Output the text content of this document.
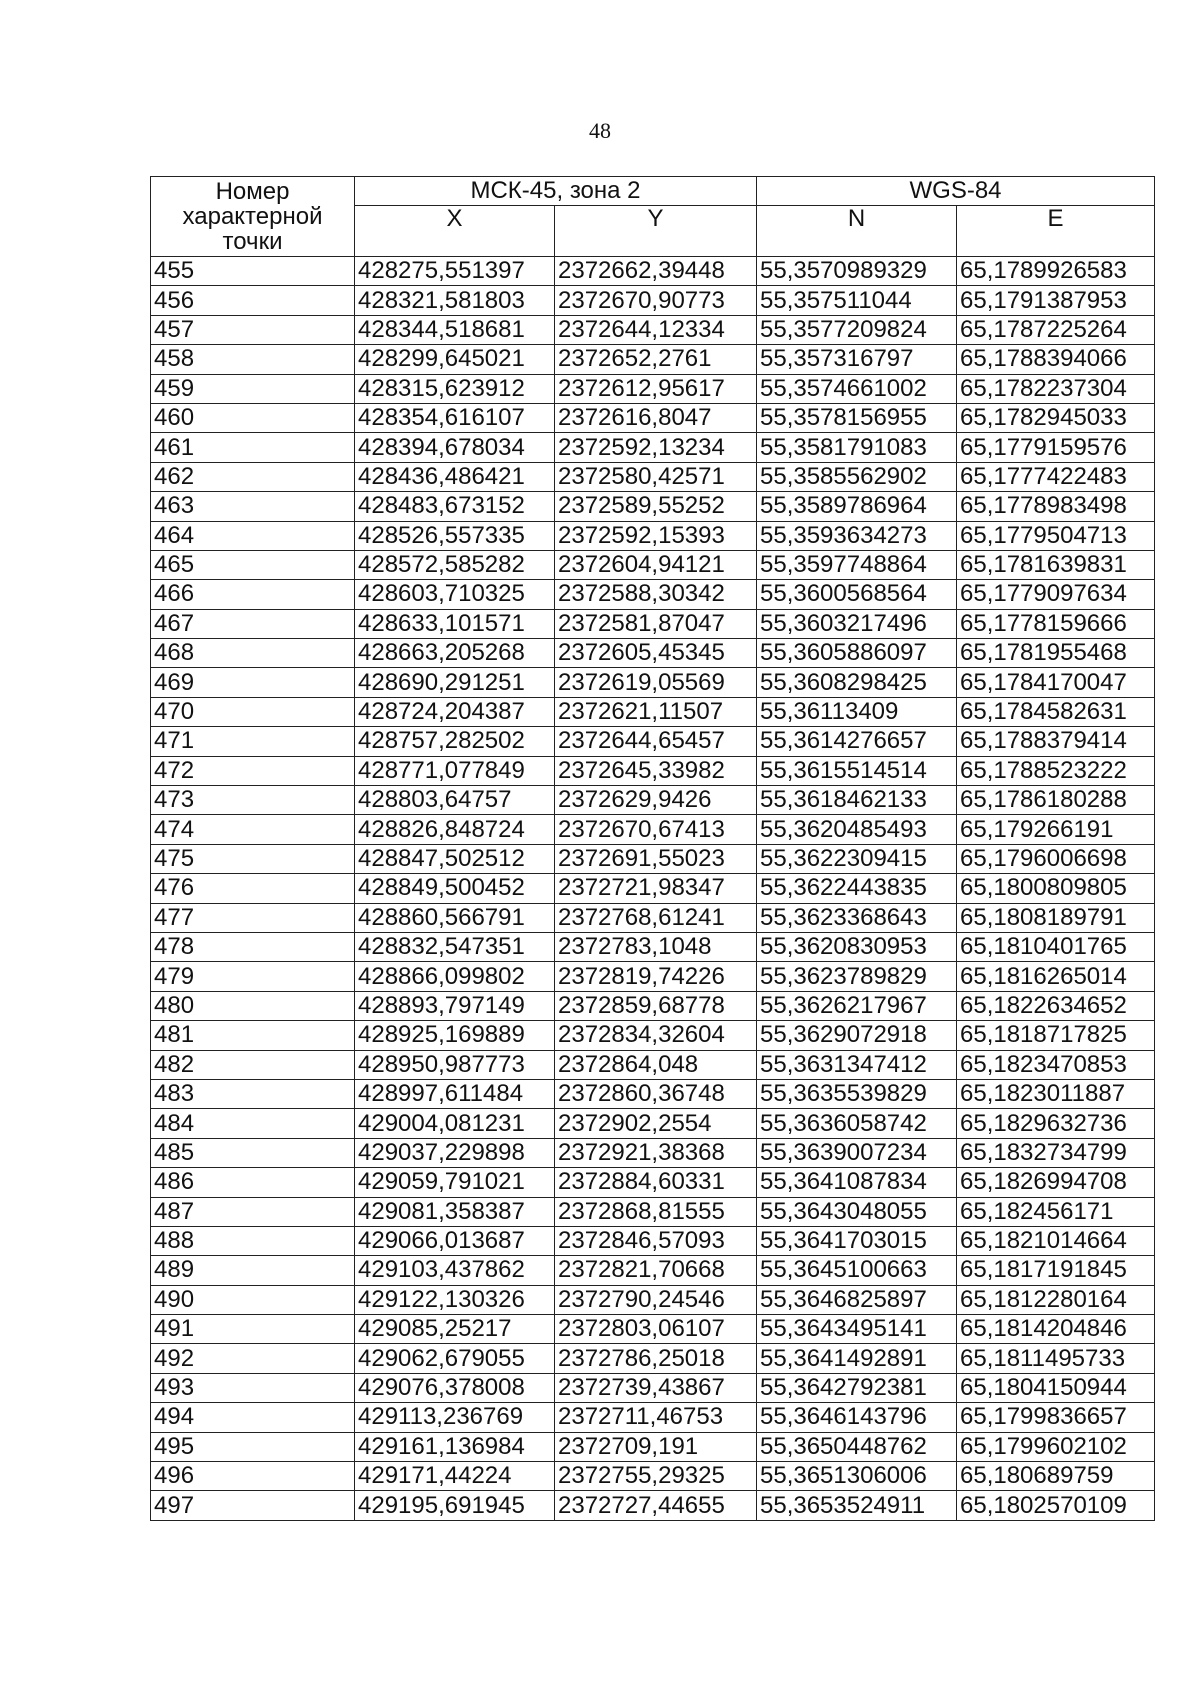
48
Номер характерной точки	МСК-45, зона 2		WGS-84	
	X	Y	N	E
455	428275,551397	2372662,39448	55,3570989329	65,1789926583
456	428321,581803	2372670,90773	55,357511044	65,1791387953
457	428344,518681	2372644,12334	55,3577209824	65,1787225264
458	428299,645021	2372652,2761	55,357316797	65,1788394066
459	428315,623912	2372612,95617	55,3574661002	65,1782237304
460	428354,616107	2372616,8047	55,3578156955	65,1782945033
461	428394,678034	2372592,13234	55,3581791083	65,1779159576
462	428436,486421	2372580,42571	55,3585562902	65,1777422483
463	428483,673152	2372589,55252	55,3589786964	65,1778983498
464	428526,557335	2372592,15393	55,3593634273	65,1779504713
465	428572,585282	2372604,94121	55,3597748864	65,1781639831
466	428603,710325	2372588,30342	55,3600568564	65,1779097634
467	428633,101571	2372581,87047	55,3603217496	65,1778159666
468	428663,205268	2372605,45345	55,3605886097	65,1781955468
469	428690,291251	2372619,05569	55,3608298425	65,1784170047
470	428724,204387	2372621,11507	55,36113409	65,1784582631
471	428757,282502	2372644,65457	55,3614276657	65,1788379414
472	428771,077849	2372645,33982	55,3615514514	65,1788523222
473	428803,64757	2372629,9426	55,3618462133	65,1786180288
474	428826,848724	2372670,67413	55,3620485493	65,179266191
475	428847,502512	2372691,55023	55,3622309415	65,1796006698
476	428849,500452	2372721,98347	55,3622443835	65,1800809805
477	428860,566791	2372768,61241	55,3623368643	65,1808189791
478	428832,547351	2372783,1048	55,3620830953	65,1810401765
479	428866,099802	2372819,74226	55,3623789829	65,1816265014
480	428893,797149	2372859,68778	55,3626217967	65,1822634652
481	428925,169889	2372834,32604	55,3629072918	65,1818717825
482	428950,987773	2372864,048	55,3631347412	65,1823470853
483	428997,611484	2372860,36748	55,3635539829	65,1823011887
484	429004,081231	2372902,2554	55,3636058742	65,1829632736
485	429037,229898	2372921,38368	55,3639007234	65,1832734799
486	429059,791021	2372884,60331	55,3641087834	65,1826994708
487	429081,358387	2372868,81555	55,3643048055	65,182456171
488	429066,013687	2372846,57093	55,3641703015	65,1821014664
489	429103,437862	2372821,70668	55,3645100663	65,1817191845
490	429122,130326	2372790,24546	55,3646825897	65,1812280164
491	429085,25217	2372803,06107	55,3643495141	65,1814204846
492	429062,679055	2372786,25018	55,3641492891	65,1811495733
493	429076,378008	2372739,43867	55,3642792381	65,1804150944
494	429113,236769	2372711,46753	55,3646143796	65,1799836657
495	429161,136984	2372709,191	55,3650448762	65,1799602102
496	429171,44224	2372755,29325	55,3651306006	65,180689759
497	429195,691945	2372727,44655	55,3653524911	65,1802570109
